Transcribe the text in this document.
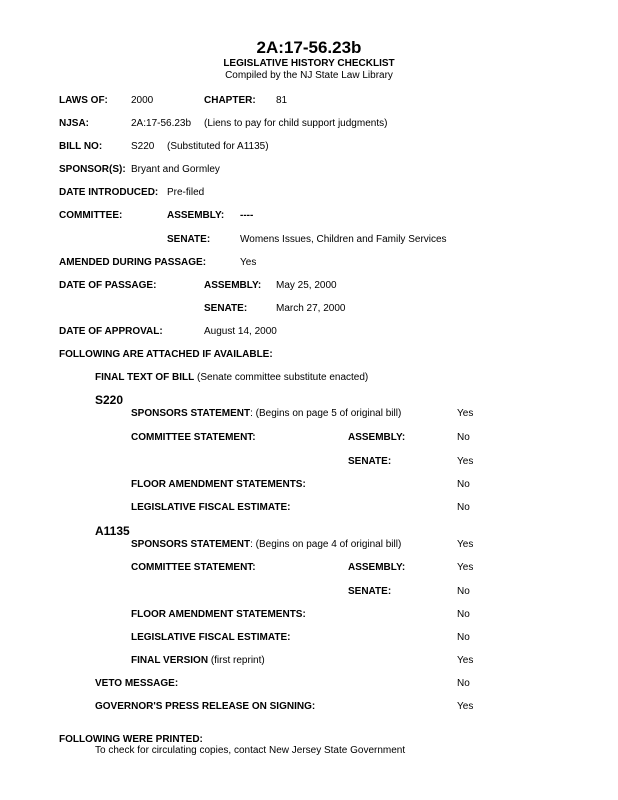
2A:17-56.23b
LEGISLATIVE HISTORY CHECKLIST
Compiled by the NJ State Law Library
LAWS OF: 2000	CHAPTER: 81
NJSA:	2A:17-56.23b (Liens to pay for child support judgments)
BILL NO:	S220 (Substituted for A1135)
SPONSOR(S): Bryant and Gormley
DATE INTRODUCED: Pre-filed
COMMITTEE:	ASSEMBLY: ----
SENATE:	Womens Issues, Children and Family Services
AMENDED DURING PASSAGE:	Yes
DATE OF PASSAGE:	ASSEMBLY: May 25, 2000
SENATE:	March 27, 2000
DATE OF APPROVAL:	August 14, 2000
FOLLOWING ARE ATTACHED IF AVAILABLE:
FINAL TEXT OF BILL (Senate committee substitute enacted)
S220
SPONSORS STATEMENT: (Begins on page 5 of original bill)	Yes
COMMITTEE STATEMENT:	ASSEMBLY:	No
SENATE:	Yes
FLOOR AMENDMENT STATEMENTS:	No
LEGISLATIVE FISCAL ESTIMATE:	No
A1135
SPONSORS STATEMENT: (Begins on page 4 of original bill)	Yes
COMMITTEE STATEMENT:	ASSEMBLY:	Yes
SENATE:	No
FLOOR AMENDMENT STATEMENTS:	No
LEGISLATIVE FISCAL ESTIMATE:	No
FINAL VERSION (first reprint)	Yes
VETO MESSAGE:	No
GOVERNOR'S PRESS RELEASE ON SIGNING:	Yes
FOLLOWING WERE PRINTED:
To check for circulating copies, contact New Jersey State Government
